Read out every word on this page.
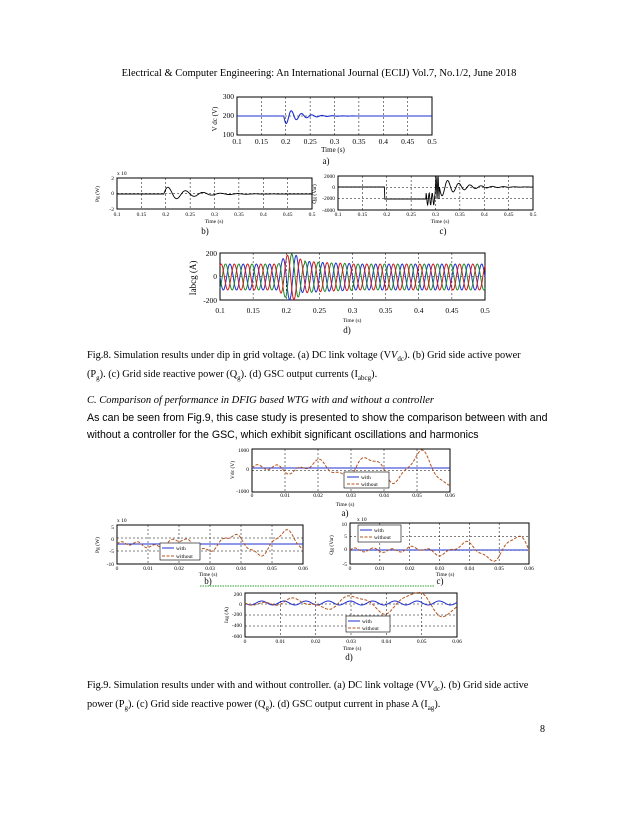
Electrical & Computer Engineering: An International Journal (ECIJ) Vol.7, No.1/2, June 2018
V dc (V)
300
200
100
0.1 0.15 0.2 0.25 0.3 0.35 0.4 0.45 0.5
Time (s)
a)
x 10
Pg (W)
2
0
-2
0.1	0.15	0.2	0.25	0.3	0.35	0.4	0.45	0.5
Time (s)
b)
Qg (Var)
2000
0
-2000
-4000
0.1	0.15	0.2	0.25	0.3	0.35	0.4	0.45	0.5
Time (s)
c)
Iabcg (A)
200
0
-200
0.1	0.15	0.2	0.25	0.3	0.35	0.4	0.45	0.5
Time (s)
d)
Fig.8. Simulation results under dip in grid voltage. (a) DC link voltage $(VV_{dc})$. (b) Grid side active power
$(P_g)$. (c) Grid side reactive power $(Q_g)$. (d) GSC output currents $(I_{abcg})$.
C. Comparison of performance in DFIG based WTG with and without a controller
As can be seen from Fig.9, this case study is presented to show the comparison between with and
without a controller for the GSC, which exhibit significant oscillations and harmonics
with
without
Vdc (V)
1000
0
-1000
0	0.01	0.02	0.03	0.04	0.05	0.06
Time (s)
a)
with
without
x 10
Pg (W)
5
0
-5
-10
0	0.01	0.02	0.03	0.04	0.05	0.06
Time (s)
b)
with
without
x 10
Qg (Var)
10
5
0
-5
0	0.01	0.02	0.03	0.04	0.05	0.06
Time (s)
c)
with
without
Iag (A)
200
0
-200
-400
-600
0	0.01	0.02	0.03	0.04	0.05	0.06
Time (s)
d)
Fig.9. Simulation results under with and without controller. (a) DC link voltage $(VV_{dc})$. (b) Grid side active
power $(P_g)$. (c) Grid side reactive power $(Q_g)$. (d) GSC output current in phase A $(I_{ag})$.
8
